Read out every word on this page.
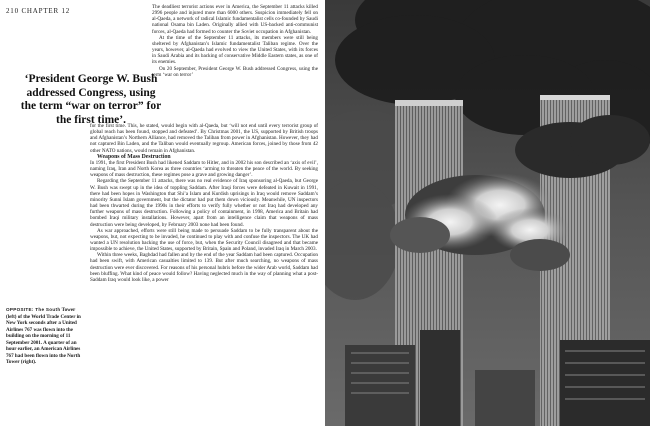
210 CHAPTER 12
‘President George W. Bush addressed Congress, using the term “war on terror” for the first time’.

The deadliest terrorist actions ever in America, the September 11 attacks killed 2996 people and injured more than 6000 others. Suspicion immediately fell on al-Qaeda, a network of radical Islamic fundamentalist cells co-founded by Saudi national Osama bin Laden. Originally allied with US-backed anti-communist forces, al-Qaeda had formed to counter the Soviet occupation in Afghanistan.

At the time of the September 11 attacks, its members were still being sheltered by Afghanistan’s Islamic fundamentalist Taliban regime. Over the years, however, al-Qaeda had evolved to view the United States, with its forces in Saudi Arabia and its backing of conservative Middle Eastern states, as one of its enemies.

On 20 September, President George W. Bush addressed Congress, using the term ‘war on terror’

for the first time. This, he stated, would begin with al-Qaeda, but ‘will not end until every terrorist group of global reach has been found, stopped and defeated’. By Christmas 2001, the US, supported by British troops and Afghanistan’s Northern Alliance, had removed the Taliban from power in Afghanistan. However, they had not captured Bin Laden, and the Taliban would eventually regroup. American forces, joined by those from 42 other NATO nations, would remain in Afghanistan.

Weapons of Mass Destruction

In 1991, the first President Bush had likened Saddam to Hitler, and in 2002 his son described an ‘axis of evil’, naming Iraq, Iran and North Korea as three countries ‘arming to threaten the peace of the world. By seeking weapons of mass destruction, these regimes pose a grave and growing danger’.

Regarding the September 11 attacks, there was no real evidence of Iraq sponsoring al-Qaeda, but George W. Bush was swept up in the idea of toppling Saddam. After Iraqi forces were defeated in Kuwait in 1991, there had been hopes in Washington that Shi’a Islam and Kurdish uprisings in Iraq would remove Saddam’s minority Sunni Islam government, but the dictator had put them down viciously. Meanwhile, UN inspectors had been thwarted during the 1990s in their efforts to verify fully whether or not Iraq had developed any further weapons of mass destruction. Following a policy of containment, in 1998, America and Britain had bombed Iraqi military installations. However, apart from an intelligence claim that weapons of mass destruction were being developed, by February 2003 none had been found.

As war approached, efforts were still being made to persuade Saddam to be fully transparent about the weapons, but, not expecting to be invaded, he continued to play with and confuse the inspectors. The UK had wanted a UN resolution backing the use of force, but, when the Security Council disagreed and that became impossible to achieve, the United States, supported by Britain, Spain and Poland, invaded Iraq in March 2003.

Within three weeks, Baghdad had fallen and by the end of the year Saddam had been captured. Occupation had been swift, with American casualties limited to 139. But after much searching, no weapons of mass destruction were ever discovered. For reasons of his personal hubris before the wider Arab world, Saddam had been bluffing. What kind of peace would follow? Having neglected much in the way of planning what a post-Saddam Iraq would look like, a power

OPPOSITE: The South Tower (left) of the World Trade Center in New York seconds after a United Airlines 767 was flown into the building on the morning of 11 September 2001. A quarter of an hour earlier, an American Airlines 767 had been flown into the North Tower (right).
